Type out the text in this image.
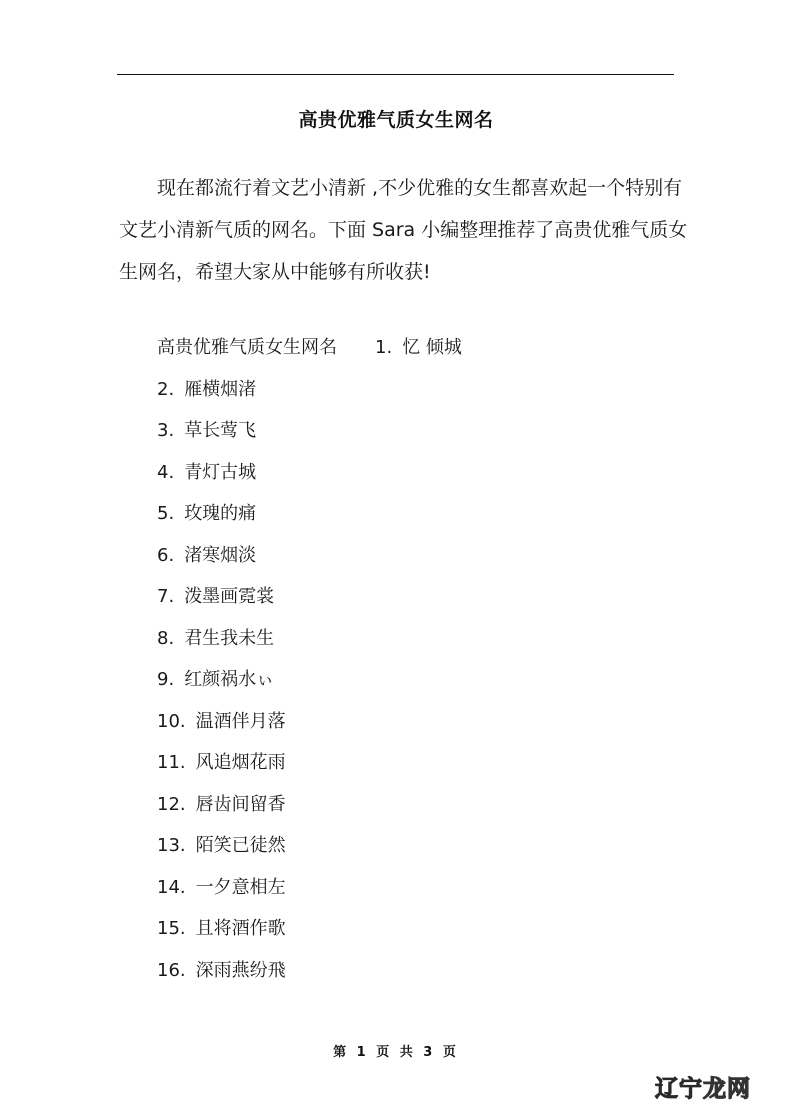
高贵优雅气质女生网名
现在都流行着文艺小清新 ,不少优雅的女生都喜欢起一个特别有
文艺小清新气质的网名。下面 Sara 小编整理推荐了高贵优雅气质女
生网名，希望大家从中能够有所收获!
高贵优雅气质女生网名 1. 忆 倾城
2. 雁横烟渚
3. 草长莺飞
4. 青灯古城
5. 玫瑰的痛
6. 渚寒烟淡
7. 泼墨画霓裳
8. 君生我未生
9. 红颜祸水ぃ
10. 温酒伴月落
11. 风追烟花雨
12. 唇齿间留香
13. 陌笑已徒然
14. 一夕意相左
15. 且将酒作歌
16. 深雨燕纷飛
第 1 页 共 3 页
辽宁龙网
